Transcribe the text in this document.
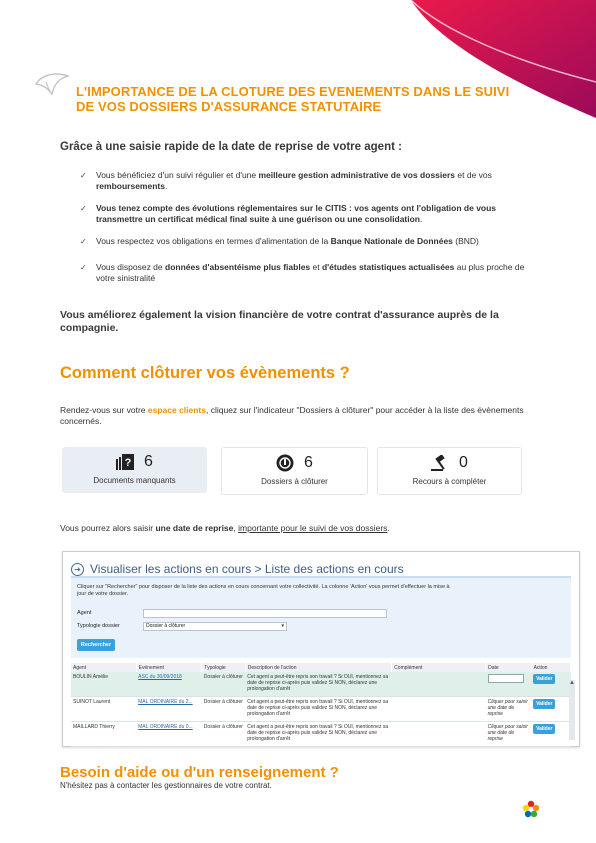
L'IMPORTANCE DE LA CLOTURE DES EVENEMENTS DANS LE SUIVI DE VOS DOSSIERS D'ASSURANCE STATUTAIRE
Grâce à une saisie rapide de la date de reprise de votre agent :
✓ Vous bénéficiez d'un suivi régulier et d'une meilleure gestion administrative de vos dossiers et de vos remboursements.
✓ Vous tenez compte des évolutions réglementaires sur le CITIS : vos agents ont l'obligation de vous transmettre un certificat médical final suite à une guérison ou une consolidation.
✓ Vous respectez vos obligations en termes d'alimentation de la Banque Nationale de Données (BND)
✓ Vous disposez de données d'absentéisme plus fiables et d'études statistiques actualisées au plus proche de votre sinistralité
Vous améliorez également la vision financière de votre contrat d'assurance auprès de la compagnie.
Comment clôturer vos évènements ?
Rendez-vous sur votre espace clients, cliquez sur l'indicateur "Dossiers à clôturer" pour accéder à la liste des évènements concernés.
? 6
Documents manquants
6
Dossiers à clôturer
0
Recours à compléter
Vous pourrez alors saisir une date de reprise, importante pour le suivi de vos dossiers.
➔ Visualiser les actions en cours > Liste des actions en cours
Cliquer sur "Rechercher" pour disposer de la liste des actions en cours concernant votre collectivité. La colonne 'Action' vous permet d'effectuer la mise à jour de votre dossier.
Agent
Typologie dossier	Dossier à clôturer	▾
Rechercher
Agent	Evénement	Typologie	Description de l'action	Complément	Date	Action
BOULIN Amélie	ASC du 30/09/2018	Dossier à clôturer	Cet agent a peut-être repris son travail ? Si OUI, mentionnez sa date de reprise ci-après puis validez Si NON, déclarez une prolongation d'arrêt			Valider
SUINOT Laurent	MAL ORDINAIRE du 2...	Dossier à clôturer	Cet agent a peut-être repris son travail ? Si OUI, mentionnez sa date de reprise ci-après puis validez Si NON, déclarez une prolongation d'arrêt		Cliquer pour saisir une date de reprise	Valider
MAILLARD Thierry	MAL ORDINAIRE du 0...	Dossier à clôturer	Cet agent a peut-être repris son travail ? Si OUI, mentionnez sa date de reprise ci-après puis validez Si NON, déclarez une prolongation d'arrêt		Cliquer pour saisir une date de reprise	Valider
▲
Besoin d'aide ou d'un renseignement ?
N'hésitez pas à contacter les gestionnaires de votre contrat.
